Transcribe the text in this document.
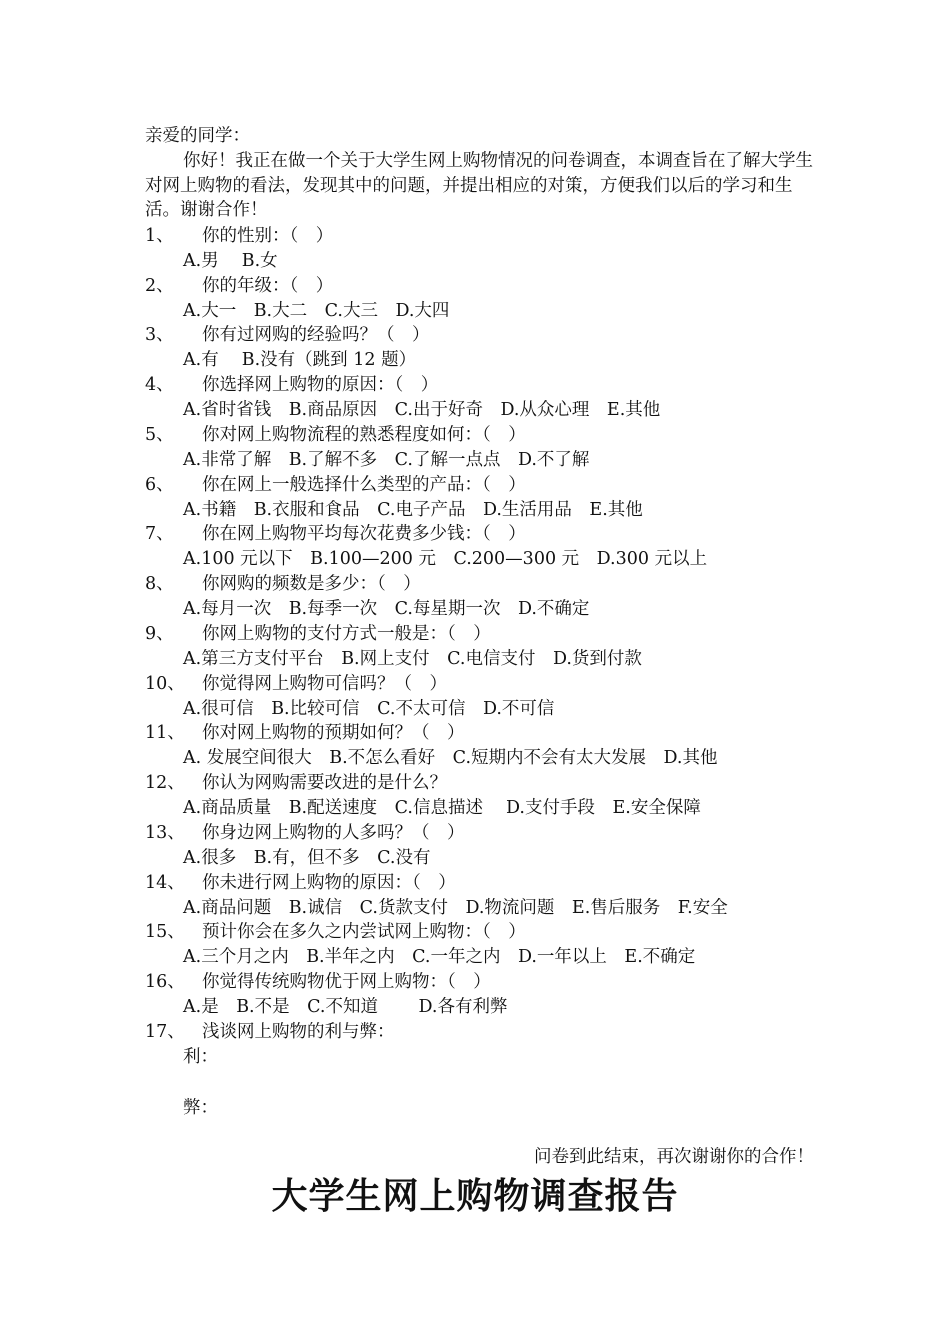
亲爱的同学：
你好！我正在做一个关于大学生网上购物情况的问卷调查，本调查旨在了解大学生对网上购物的看法，发现其中的问题，并提出相应的对策，方便我们以后的学习和生活。谢谢合作！
1、 你的性别：（　）
A.男　 B.女
2、 你的年级：（　）
A.大一　B.大二　C.大三　D.大四
3、 你有过网购的经验吗？（　）
A.有　 B.没有（跳到 12 题）
4、 你选择网上购物的原因：（　）
A.省时省钱　B.商品原因　C.出于好奇　D.从众心理　E.其他
5、 你对网上购物流程的熟悉程度如何：（　）
A.非常了解　B.了解不多　C.了解一点点　D.不了解
6、 你在网上一般选择什么类型的产品：（　）
A.书籍　B.衣服和食品　C.电子产品　D.生活用品　E.其他
7、 你在网上购物平均每次花费多少钱：（　）
A.100 元以下　B.100—200 元　C.200—300 元　D.300 元以上
8、 你网购的频数是多少：（　）
A.每月一次　B.每季一次　C.每星期一次　D.不确定
9、 你网上购物的支付方式一般是：（　）
A.第三方支付平台　B.网上支付　C.电信支付　D.货到付款
10、 你觉得网上购物可信吗？（　）
A.很可信　B.比较可信　C.不太可信　D.不可信
11、 你对网上购物的预期如何？（　）
A. 发展空间很大　B.不怎么看好　C.短期内不会有太大发展　D.其他
12、 你认为网购需要改进的是什么？
A.商品质量　B.配送速度　C.信息描述　 D.支付手段　E.安全保障
13、 你身边网上购物的人多吗？（　）
A.很多　B.有，但不多　C.没有
14、 你未进行网上购物的原因：（　）
A.商品问题　B.诚信　C.货款支付　D.物流问题　E.售后服务　F.安全
15、 预计你会在多久之内尝试网上购物：（　）
A.三个月之内　B.半年之内　C.一年之内　D.一年以上　E.不确定
16、 你觉得传统购物优于网上购物：（　）
A.是　B.不是　C.不知道　　 D.各有利弊
17、 浅谈网上购物的利与弊：
利：
弊：
问卷到此结束，再次谢谢你的合作！
大学生网上购物调查报告
